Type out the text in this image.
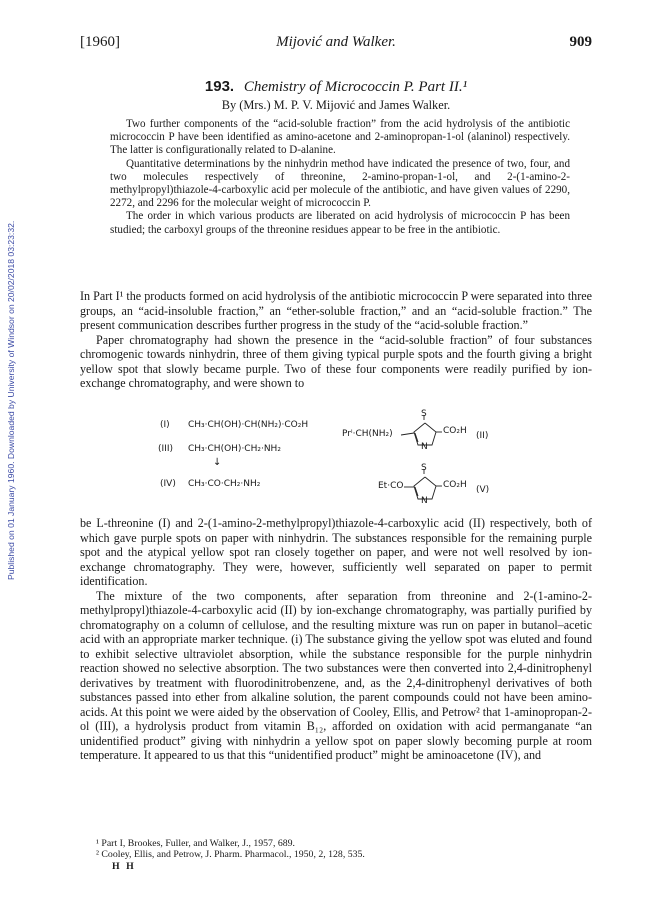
Published on 01 January 1960. Downloaded by University of Windsor on 20/02/2018 03:23:32.
[1960]	Mijović and Walker.	909
193. Chemistry of Micrococcin P. Part II.¹
By (Mrs.) M. P. V. Mijović and James Walker.

Two further components of the “acid-soluble fraction” from the acid hydrolysis of the antibiotic micrococcin P have been identified as amino-acetone and 2-aminopropan-1-ol (alaninol) respectively. The latter is configurationally related to D-alanine.

Quantitative determinations by the ninhydrin method have indicated the presence of two, four, and two molecules respectively of threonine, 2-amino-propan-1-ol, and 2-(1-amino-2-methylpropyl)thiazole-4-carboxylic acid per molecule of the antibiotic, and have given values of 2290, 2272, and 2296 for the molecular weight of micrococcin P.

The order in which various products are liberated on acid hydrolysis of micrococcin P has been studied; the carboxyl groups of the threonine residues appear to be free in the antibiotic.

In Part I¹ the products formed on acid hydrolysis of the antibiotic micrococcin P were separated into three groups, an “acid-insoluble fraction,” an “ether-soluble fraction,” and an “acid-soluble fraction.” The present communication describes further progress in the study of the “acid-soluble fraction.”

Paper chromatography had shown the presence in the “acid-soluble fraction” of four substances chromogenic towards ninhydrin, three of them giving typical purple spots and the fourth giving a bright yellow spot that slowly became purple. Two of these four components were readily purified by ion-exchange chromatography, and were shown to

(I) CH₃·CH(OH)·CH(NH₂)·CO₂H
(III) CH₃·CH(OH)·CH₂·NH₂
↓
(IV) CH₃·CO·CH₂·NH₂
S
Prⁱ·CH(NH₂)	CO₂H
N
(II)
S
Et·CO	CO₂H
N
(V)

be L-threonine (I) and 2-(1-amino-2-methylpropyl)thiazole-4-carboxylic acid (II) respectively, both of which gave purple spots on paper with ninhydrin. The substances responsible for the remaining purple spot and the atypical yellow spot ran closely together on paper, and were not well resolved by ion-exchange chromatography. They were, however, sufficiently well separated on paper to permit identification.

The mixture of the two components, after separation from threonine and 2-(1-amino-2-methylpropyl)thiazole-4-carboxylic acid (II) by ion-exchange chromatography, was partially purified by chromatography on a column of cellulose, and the resulting mixture was run on paper in butanol–acetic acid with an appropriate marker technique. (i) The substance giving the yellow spot was eluted and found to exhibit selective ultraviolet absorption, while the substance responsible for the purple ninhydrin reaction showed no selective absorption. The two substances were then converted into 2,4-dinitrophenyl derivatives by treatment with fluorodinitrobenzene, and, as the 2,4-dinitrophenyl derivatives of both substances passed into ether from alkaline solution, the parent compounds could not have been amino-acids. At this point we were aided by the observation of Cooley, Ellis, and Petrow² that 1-aminopropan-2-ol (III), a hydrolysis product from vitamin B₁₂, afforded on oxidation with acid permanganate “an unidentified product” giving with ninhydrin a yellow spot on paper slowly becoming purple at room temperature. It appeared to us that this “unidentified product” might be aminoacetone (IV), and

¹ Part I, Brookes, Fuller, and Walker, J., 1957, 689.
² Cooley, Ellis, and Petrow, J. Pharm. Pharmacol., 1950, 2, 128, 535.
H H
